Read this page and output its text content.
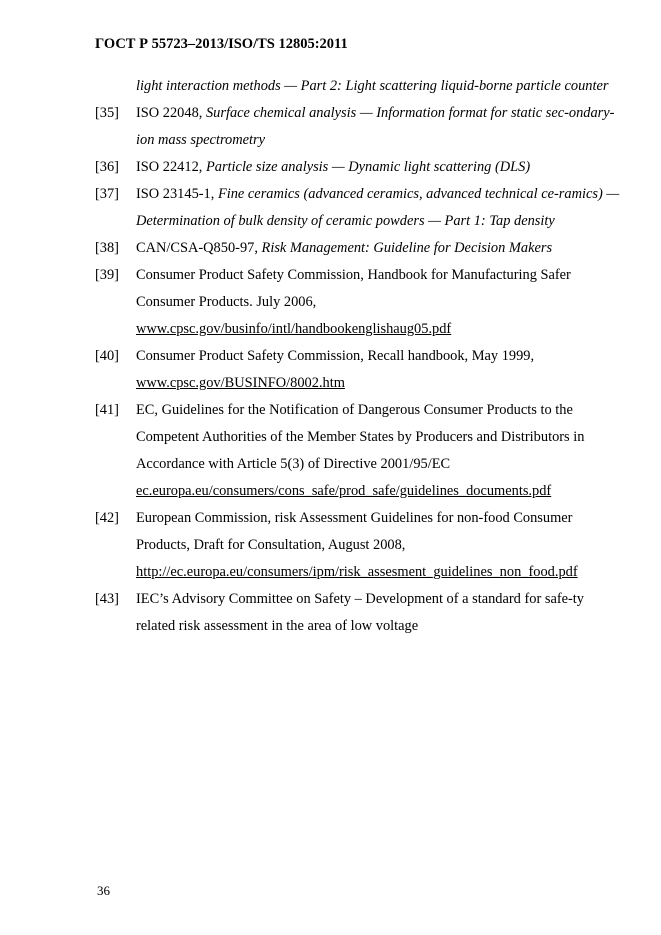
ГОСТ Р 55723–2013/ISO/TS 12805:2011
light interaction methods — Part 2: Light scattering liquid-borne particle counter
[35] ISO 22048, Surface chemical analysis — Information format for static sec-ondary-ion mass spectrometry
[36] ISO 22412, Particle size analysis — Dynamic light scattering (DLS)
[37] ISO 23145-1, Fine ceramics (advanced ceramics, advanced technical ce-ramics) — Determination of bulk density of ceramic powders — Part 1: Tap density
[38] CAN/CSA-Q850-97, Risk Management: Guideline for Decision Makers
[39] Consumer Product Safety Commission, Handbook for Manufacturing Safer Consumer Products. July 2006,
www.cpsc.gov/businfo/intl/handbookenglishaug05.pdf
[40] Consumer Product Safety Commission, Recall handbook, May 1999,
www.cpsc.gov/BUSINFO/8002.htm
[41] EC, Guidelines for the Notification of Dangerous Consumer Products to the Competent Authorities of the Member States by Producers and Distributors in Accordance with Article 5(3) of Directive 2001/95/EC
ec.europa.eu/consumers/cons_safe/prod_safe/guidelines_documents.pdf
[42] European Commission, risk Assessment Guidelines for non-food Consumer Products, Draft for Consultation, August 2008,
http://ec.europa.eu/consumers/ipm/risk_assesment_guidelines_non_food.pdf
[43] IEC’s Advisory Committee on Safety – Development of a standard for safe-ty related risk assessment in the area of low voltage
36
